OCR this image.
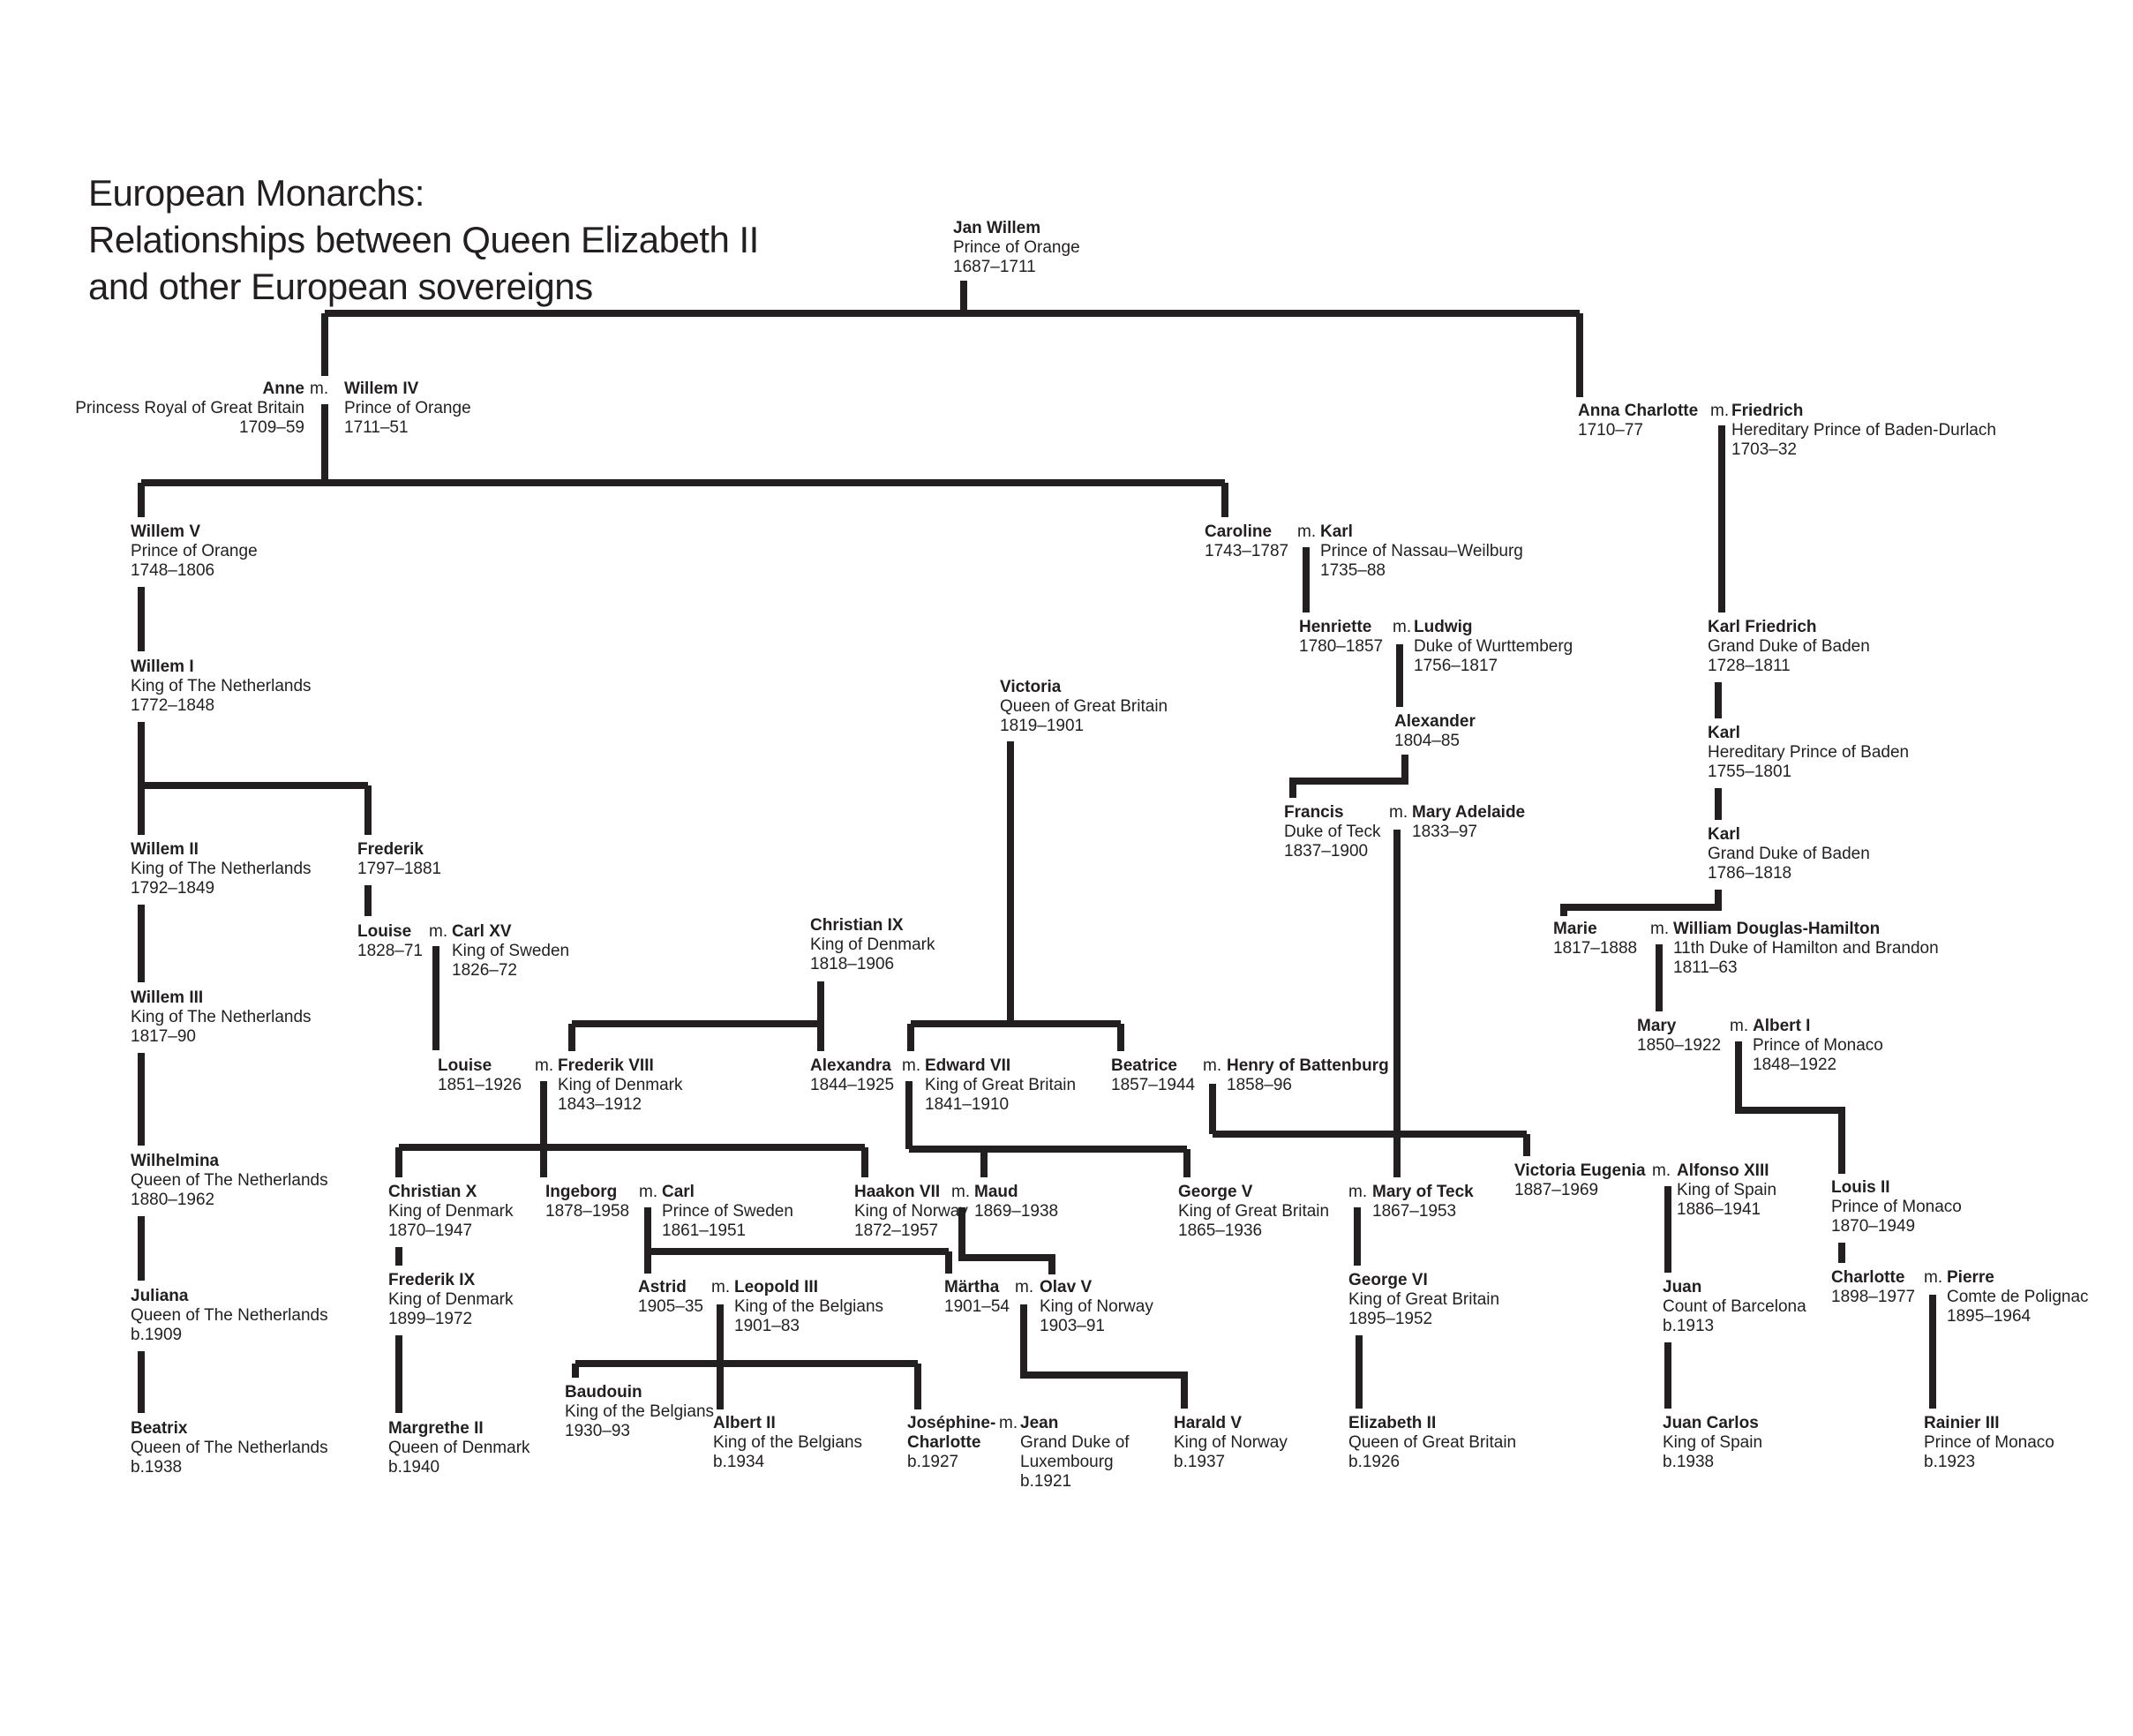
European Monarchs:
Relationships between Queen Elizabeth II
and other European sovereigns
Jan Willem
Prince of Orange
1687–1711
Anne
Princess Royal of Great Britain
1709–59
Willem IV
Prince of Orange
1711–51
Anna Charlotte
1710–77
Friedrich
Hereditary Prince of Baden-Durlach
1703–32
Willem V
Prince of Orange
1748–1806
Caroline
1743–1787
Karl
Prince of Nassau–Weilburg
1735–88
Henriette
1780–1857
Ludwig
Duke of Wurttemberg
1756–1817
Karl Friedrich
Grand Duke of Baden
1728–1811
Willem I
King of The Netherlands
1772–1848
Victoria
Queen of Great Britain
1819–1901	Alexander
1804–85	Karl
Hereditary Prince of Baden
1755–1801
Francis
Duke of Teck
1837–1900
Mary Adelaide
1833–97	Karl
Grand Duke of Baden
1786–1818
Willem II
King of The Netherlands
1792–1849
Frederik
1797–1881
Louise
1828–71
Carl XV
King of Sweden
1826–72
Christian IX
King of Denmark
1818–1906
Marie
1817–1888
William Douglas-Hamilton
11th Duke of Hamilton and Brandon
1811–63
Willem III
King of The Netherlands
1817–90
Mary
1850–1922
Albert I
Prince of Monaco
1848–1922
Louise
1851–1926
Frederik VIII
King of Denmark
1843–1912
Alexandra
1844–1925
Edward VII
King of Great Britain
1841–1910
Beatrice
1857–1944
Henry of Battenburg
1858–96
Wilhelmina
Queen of The Netherlands
1880–1962
Victoria Eugenia
1887–1969
Alfonso XIII
King of Spain
1886–1941
Louis II
Prince of Monaco
1870–1949
Christian X
King of Denmark
1870–1947
Ingeborg
1878–1958
Carl
Prince of Sweden
1861–1951
Haakon VII
King of Norway
1872–1957
Maud
1869–1938
George V
King of Great Britain
1865–1936
Mary of Teck
1867–1953
Frederik IX
King of Denmark
1899–1972
George VI
King of Great Britain
1895–1952
Juan
Count of Barcelona
b.1913
Charlotte
1898–1977
Pierre
Comte de Polignac
1895–1964
Astrid
1905–35
Leopold III
King of the Belgians
1901–83
Märtha
1901–54
Olav V
King of Norway
1903–91
Juliana
Queen of The Netherlands
b.1909
Baudouin
King of the Belgians
1930–93
Beatrix
Queen of The Netherlands
b.1938
Margrethe II
Queen of Denmark
b.1940
Albert II
King of the Belgians
b.1934
Joséphine-Charlotte
b.1927
Jean
Grand Duke of
Luxembourg
b.1921
Harald V
King of Norway
b.1937
Elizabeth II
Queen of Great Britain
b.1926
Juan Carlos
King of Spain
b.1938
Rainier III
Prince of Monaco
b.1923
m.
m.
m.
m.
m.
m.	m.
m.
m.	m.	m.
m.
m.	m.	m.
m.	m.
m.
m.
